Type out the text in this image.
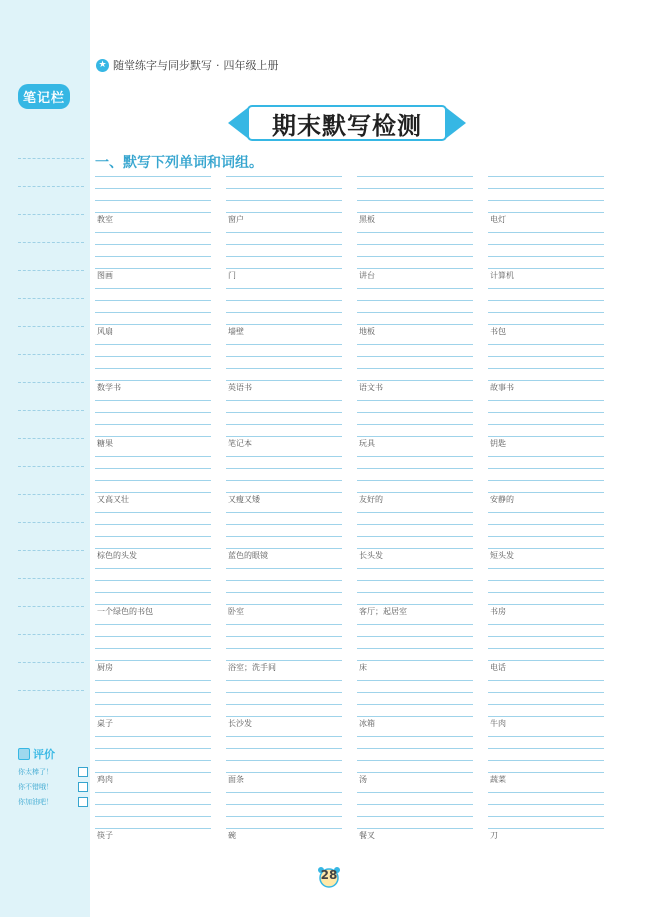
笔记栏
评价
你太棒了！
你不错哦！
你加油吧！
★ 随堂练字与同步默写 · 四年级上册
期末默写检测
一、默写下列单词和词组。
教室	窗户	黑板	电灯
图画	门	讲台	计算机
风扇	墙壁	地板	书包
数学书	英语书	语文书	故事书
糖果	笔记本	玩具	钥匙
又高又壮	又瘦又矮	友好的	安静的
棕色的头发	蓝色的眼镜	长头发	短头发
一个绿色的书包	卧室	客厅；起居室	书房
厨房	浴室；洗手间	床	电话
桌子	长沙发	冰箱	牛肉
鸡肉	面条	汤	蔬菜
筷子	碗	餐叉	刀
28
